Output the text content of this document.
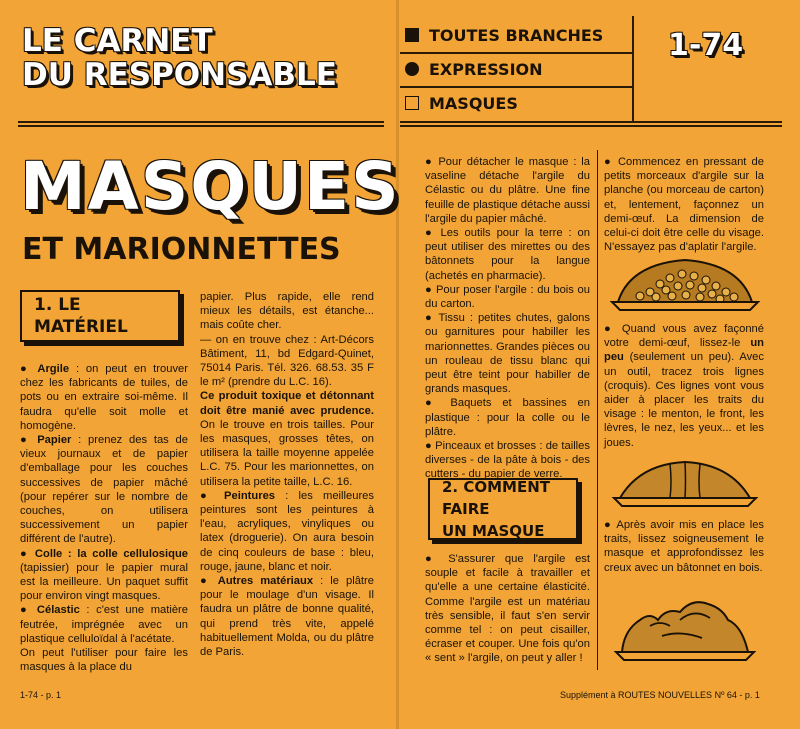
LE CARNET
DU RESPONSABLE
TOUTES BRANCHES
EXPRESSION
MASQUES
1-74
MASQUES
ET MARIONNETTES
1. LE MATÉRIEL

● Argile : on peut en trouver chez les fabricants de tuiles, de pots ou en extraire soi-même. Il faudra qu'elle soit molle et homogène.

● Papier : prenez des tas de vieux journaux et de papier d'emballage pour les couches successives de papier mâché (pour repérer sur le nombre de couches, on utilisera successivement un papier différent de l'autre).

● Colle : la colle cellulosique (tapissier) pour le papier mural est la meilleure. Un paquet suffit pour environ vingt masques.

● Célastic : c'est une matière feutrée, imprégnée avec un plastique celluloïdal à l'acétate.

On peut l'utiliser pour faire les masques à la place du

papier. Plus rapide, elle rend mieux les détails, est étanche... mais coûte cher.

— on en trouve chez : Art-Décors Bâtiment, 11, bd Edgard-Quinet, 75014 Paris. Tél. 326. 68.53. 35 F le m² (prendre du L.C. 16).

Ce produit toxique et détonnant doit être manié avec prudence. On le trouve en trois tailles. Pour les masques, grosses têtes, on utilisera la taille moyenne appelée L.C. 75. Pour les marionnettes, on utilisera la petite taille, L.C. 16.

● Peintures : les meilleures peintures sont les peintures à l'eau, acryliques, vinyliques ou latex (droguerie). On aura besoin de cinq couleurs de base : bleu, rouge, jaune, blanc et noir.

● Autres matériaux : le plâtre pour le moulage d'un visage. Il faudra un plâtre de bonne qualité, qui prend très vite, appelé habituellement Molda, ou du plâtre de Paris.

● Pour détacher le masque : la vaseline détache l'argile du Célastic ou du plâtre. Une fine feuille de plastique détache aussi l'argile du papier mâché.

● Les outils pour la terre : on peut utiliser des mirettes ou des bâtonnets pour la langue (achetés en pharmacie).

● Pour poser l'argile : du bois ou du carton.

● Tissu : petites chutes, galons ou garnitures pour habiller les marionnettes. Grandes pièces ou un rouleau de tissu blanc qui peut être teint pour habiller de grands masques.

● Baquets et bassines en plastique : pour la colle ou le plâtre.

● Pinceaux et brosses : de tailles diverses - de la pâte à bois - des cutters - du papier de verre.

2. COMMENT FAIRE
UN MASQUE

● S'assurer que l'argile est souple et facile à travailler et qu'elle a une certaine élasticité. Comme l'argile est un matériau très sensible, il faut s'en servir comme tel : on peut cisailler, écraser et couper. Une fois qu'on « sent » l'argile, on peut y aller !

● Commencez en pressant de petits morceaux d'argile sur la planche (ou morceau de carton) et, lentement, façonnez un demi-œuf. La dimension de celui-ci doit être celle du visage. N'essayez pas d'aplatir l'argile.

● Quand vous avez façonné votre demi-œuf, lissez-le un peu (seulement un peu). Avec un outil, tracez trois lignes (croquis). Ces lignes vont vous aider à placer les traits du visage : le menton, le front, les lèvres, le nez, les yeux... et les joues.

● Après avoir mis en place les traits, lissez soigneusement le masque et approfondissez les creux avec un bâtonnet en bois.

1-74 - p. 1	Supplément à ROUTES NOUVELLES Nº 64 - p. 1
